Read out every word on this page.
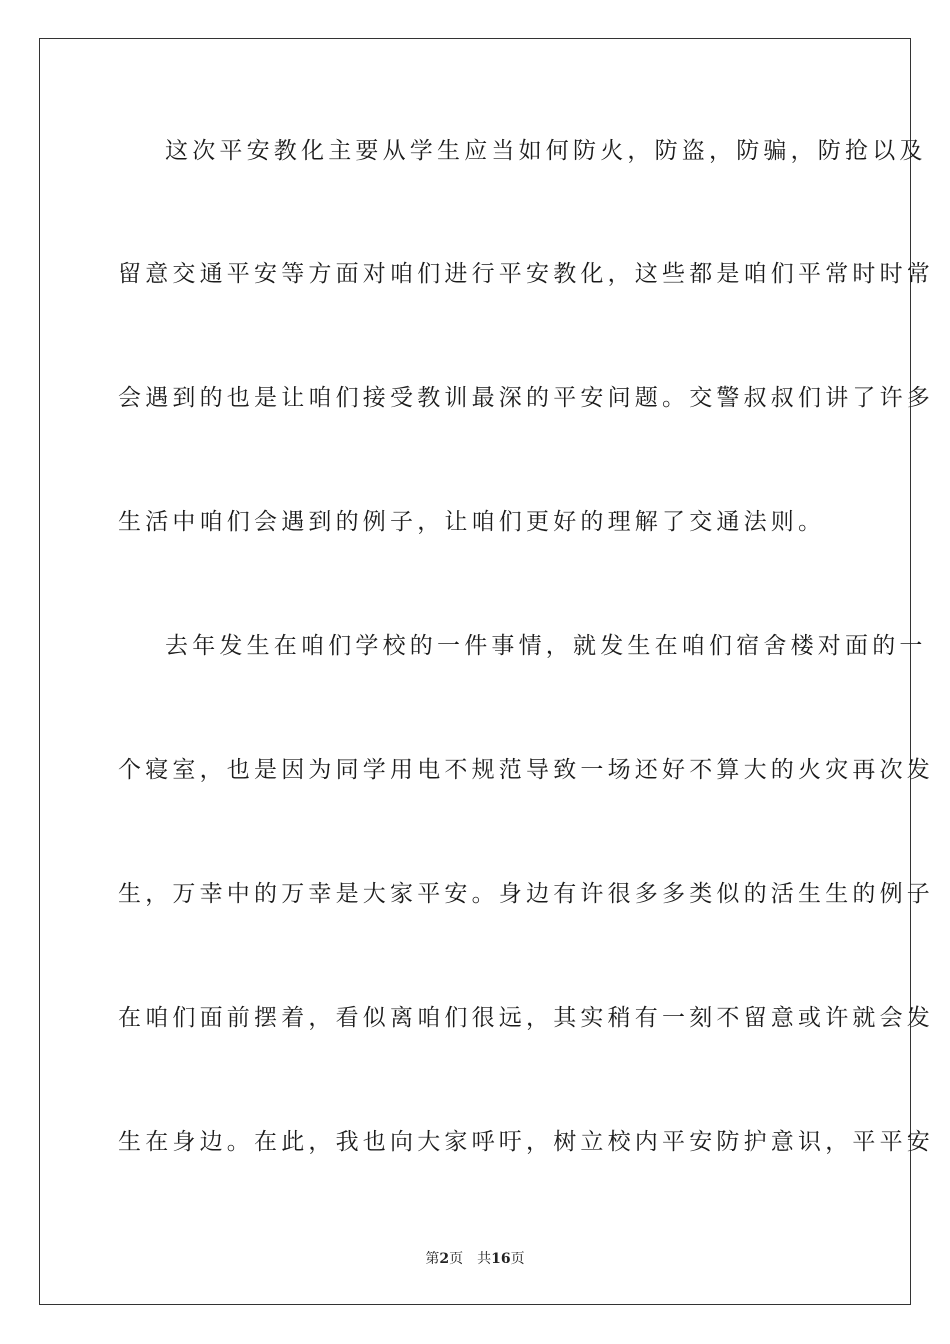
这次平安教化主要从学生应当如何防火，防盗，防骗，防抢以及
留意交通平安等方面对咱们进行平安教化，这些都是咱们平常时时常
会遇到的也是让咱们接受教训最深的平安问题。交警叔叔们讲了许多
生活中咱们会遇到的例子，让咱们更好的理解了交通法则。
去年发生在咱们学校的一件事情，就发生在咱们宿舍楼对面的一
个寝室，也是因为同学用电不规范导致一场还好不算大的火灾再次发
生，万幸中的万幸是大家平安。身边有许很多多类似的活生生的例子
在咱们面前摆着，看似离咱们很远，其实稍有一刻不留意或许就会发
生在身边。在此，我也向大家呼吁，树立校内平安防护意识，平平安
第2页 共16页
